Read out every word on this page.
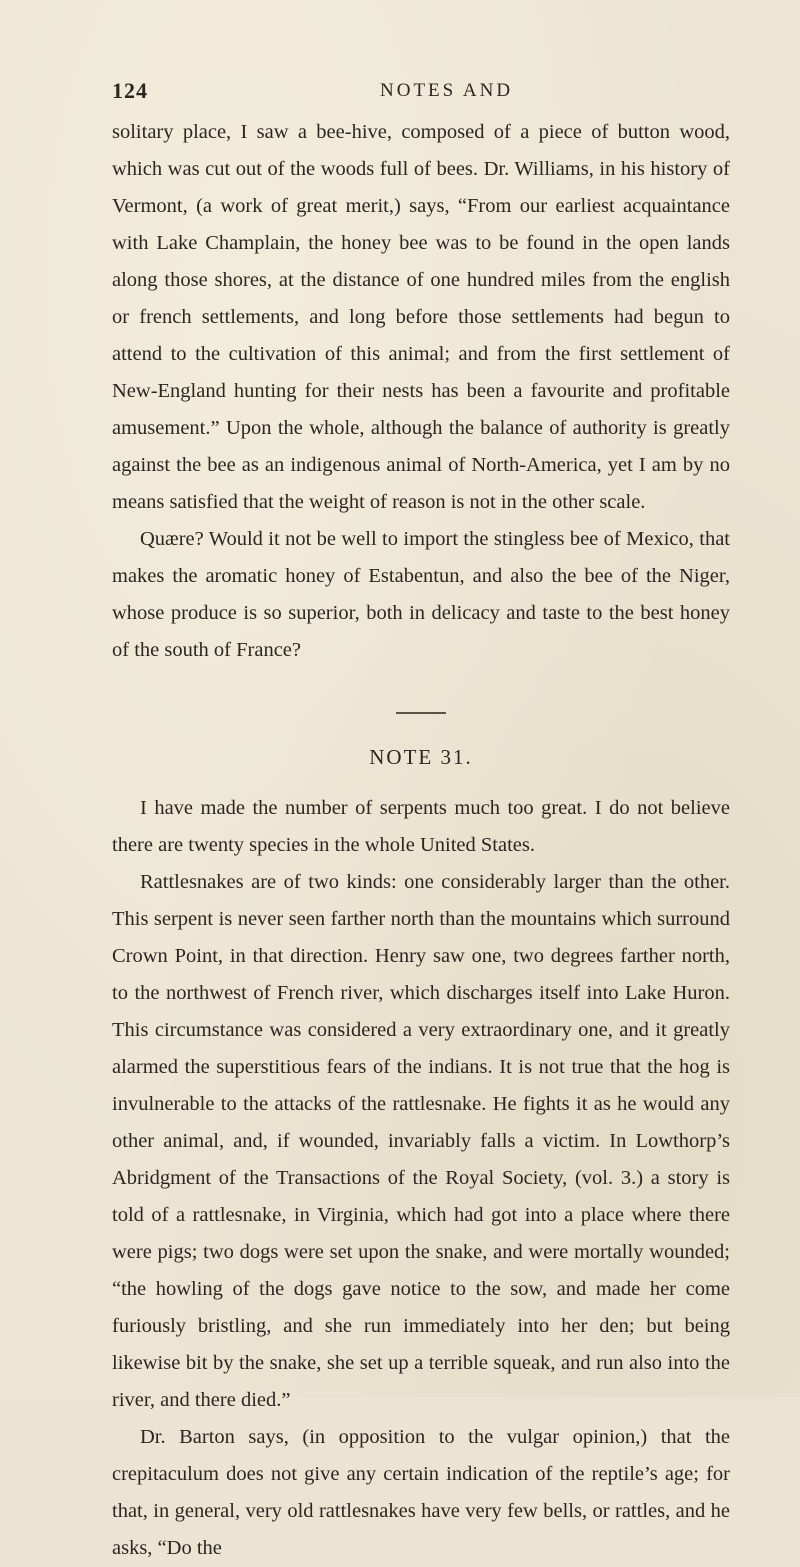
124	NOTES AND

solitary place, I saw a bee-hive, composed of a piece of button wood, which was cut out of the woods full of bees. Dr. Williams, in his history of Vermont, (a work of great merit,) says, “From our earliest acquaintance with Lake Champlain, the honey bee was to be found in the open lands along those shores, at the distance of one hundred miles from the english or french settlements, and long before those settlements had begun to attend to the cultivation of this animal; and from the first settlement of New-England hunting for their nests has been a favourite and profitable amusement.” Upon the whole, although the balance of authority is greatly against the bee as an indigenous animal of North-America, yet I am by no means satisfied that the weight of reason is not in the other scale.

Quære? Would it not be well to import the stingless bee of Mexico, that makes the aromatic honey of Estabentun, and also the bee of the Niger, whose produce is so superior, both in delicacy and taste to the best honey of the south of France?

NOTE 31.

I have made the number of serpents much too great. I do not believe there are twenty species in the whole United States.

Rattlesnakes are of two kinds: one considerably larger than the other. This serpent is never seen farther north than the mountains which surround Crown Point, in that direction. Henry saw one, two degrees farther north, to the northwest of French river, which discharges itself into Lake Huron. This circumstance was considered a very extraordinary one, and it greatly alarmed the superstitious fears of the indians. It is not true that the hog is invulnerable to the attacks of the rattlesnake. He fights it as he would any other animal, and, if wounded, invariably falls a victim. In Lowthorp’s Abridgment of the Transactions of the Royal Society, (vol. 3.) a story is told of a rattlesnake, in Virginia, which had got into a place where there were pigs; two dogs were set upon the snake, and were mortally wounded; “the howling of the dogs gave notice to the sow, and made her come furiously bristling, and she run immediately into her den; but being likewise bit by the snake, she set up a terrible squeak, and run also into the river, and there died.”

Dr. Barton says, (in opposition to the vulgar opinion,) that the crepitaculum does not give any certain indication of the reptile’s age; for that, in general, very old rattlesnakes have very few bells, or rattles, and he asks, “Do the
